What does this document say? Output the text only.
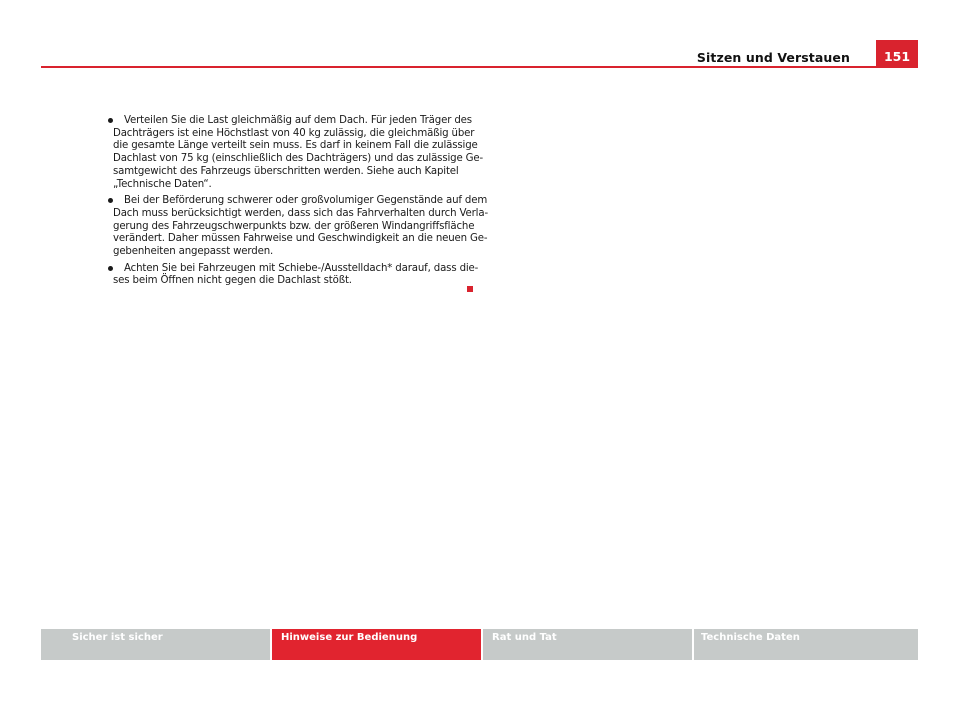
Sitzen und Verstauen	151
Verteilen Sie die Last gleichmäßig auf dem Dach. Für jeden Träger des
Dachträgers ist eine Höchstlast von 40 kg zulässig, die gleichmäßig über
die gesamte Länge verteilt sein muss. Es darf in keinem Fall die zulässige
Dachlast von 75 kg (einschließlich des Dachträgers) und das zulässige Ge-
samtgewicht des Fahrzeugs überschritten werden. Siehe auch Kapitel
„Technische Daten“.
Bei der Beförderung schwerer oder großvolumiger Gegenstände auf dem
Dach muss berücksichtigt werden, dass sich das Fahrverhalten durch Verla-
gerung des Fahrzeugschwerpunkts bzw. der größeren Windangriffsfläche
verändert. Daher müssen Fahrweise und Geschwindigkeit an die neuen Ge-
gebenheiten angepasst werden.
Achten Sie bei Fahrzeugen mit Schiebe-/Ausstelldach* darauf, dass die-
ses beim Öffnen nicht gegen die Dachlast stößt.
Sicher ist sicher	Hinweise zur Bedienung	Rat und Tat	Technische Daten
